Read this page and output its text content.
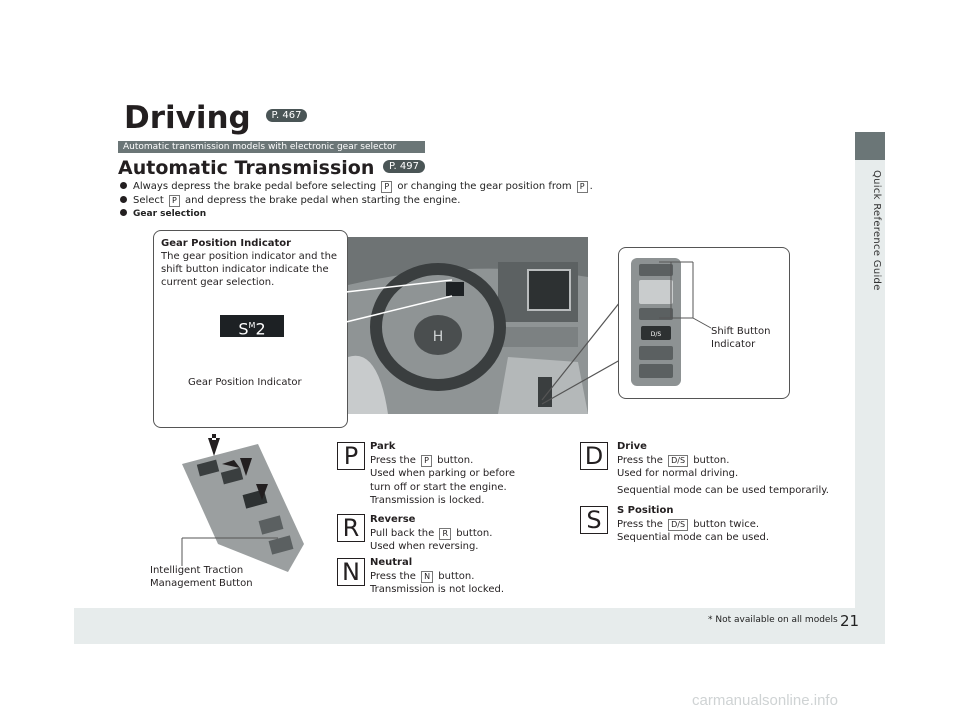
Quick Reference Guide
21
* Not available on all models
carmanualsonline.info
Driving P. 467
Automatic transmission models with electronic gear selector
Automatic Transmission P. 497
Always depress the brake pedal before selecting P or changing the gear position from P .
Select P and depress the brake pedal when starting the engine.
Gear selection
Gear Position Indicator
The gear position indicator and the shift button indicator indicate the current gear selection.
$S^M2$
Gear Position Indicator
H	D/S	Shift Button
Indicator
Intelligent Traction
Management Button
P	Park
Press the P button.
Used when parking or before
turn off or start the engine.
Transmission is locked.
R	Reverse
Pull back the R button.
Used when reversing.
N	Neutral
Press the N button.
Transmission is not locked.
D	Drive
Press the D/S button.
Used for normal driving.
Sequential mode can be used temporarily.
S	S Position
Press the D/S button twice.
Sequential mode can be used.
